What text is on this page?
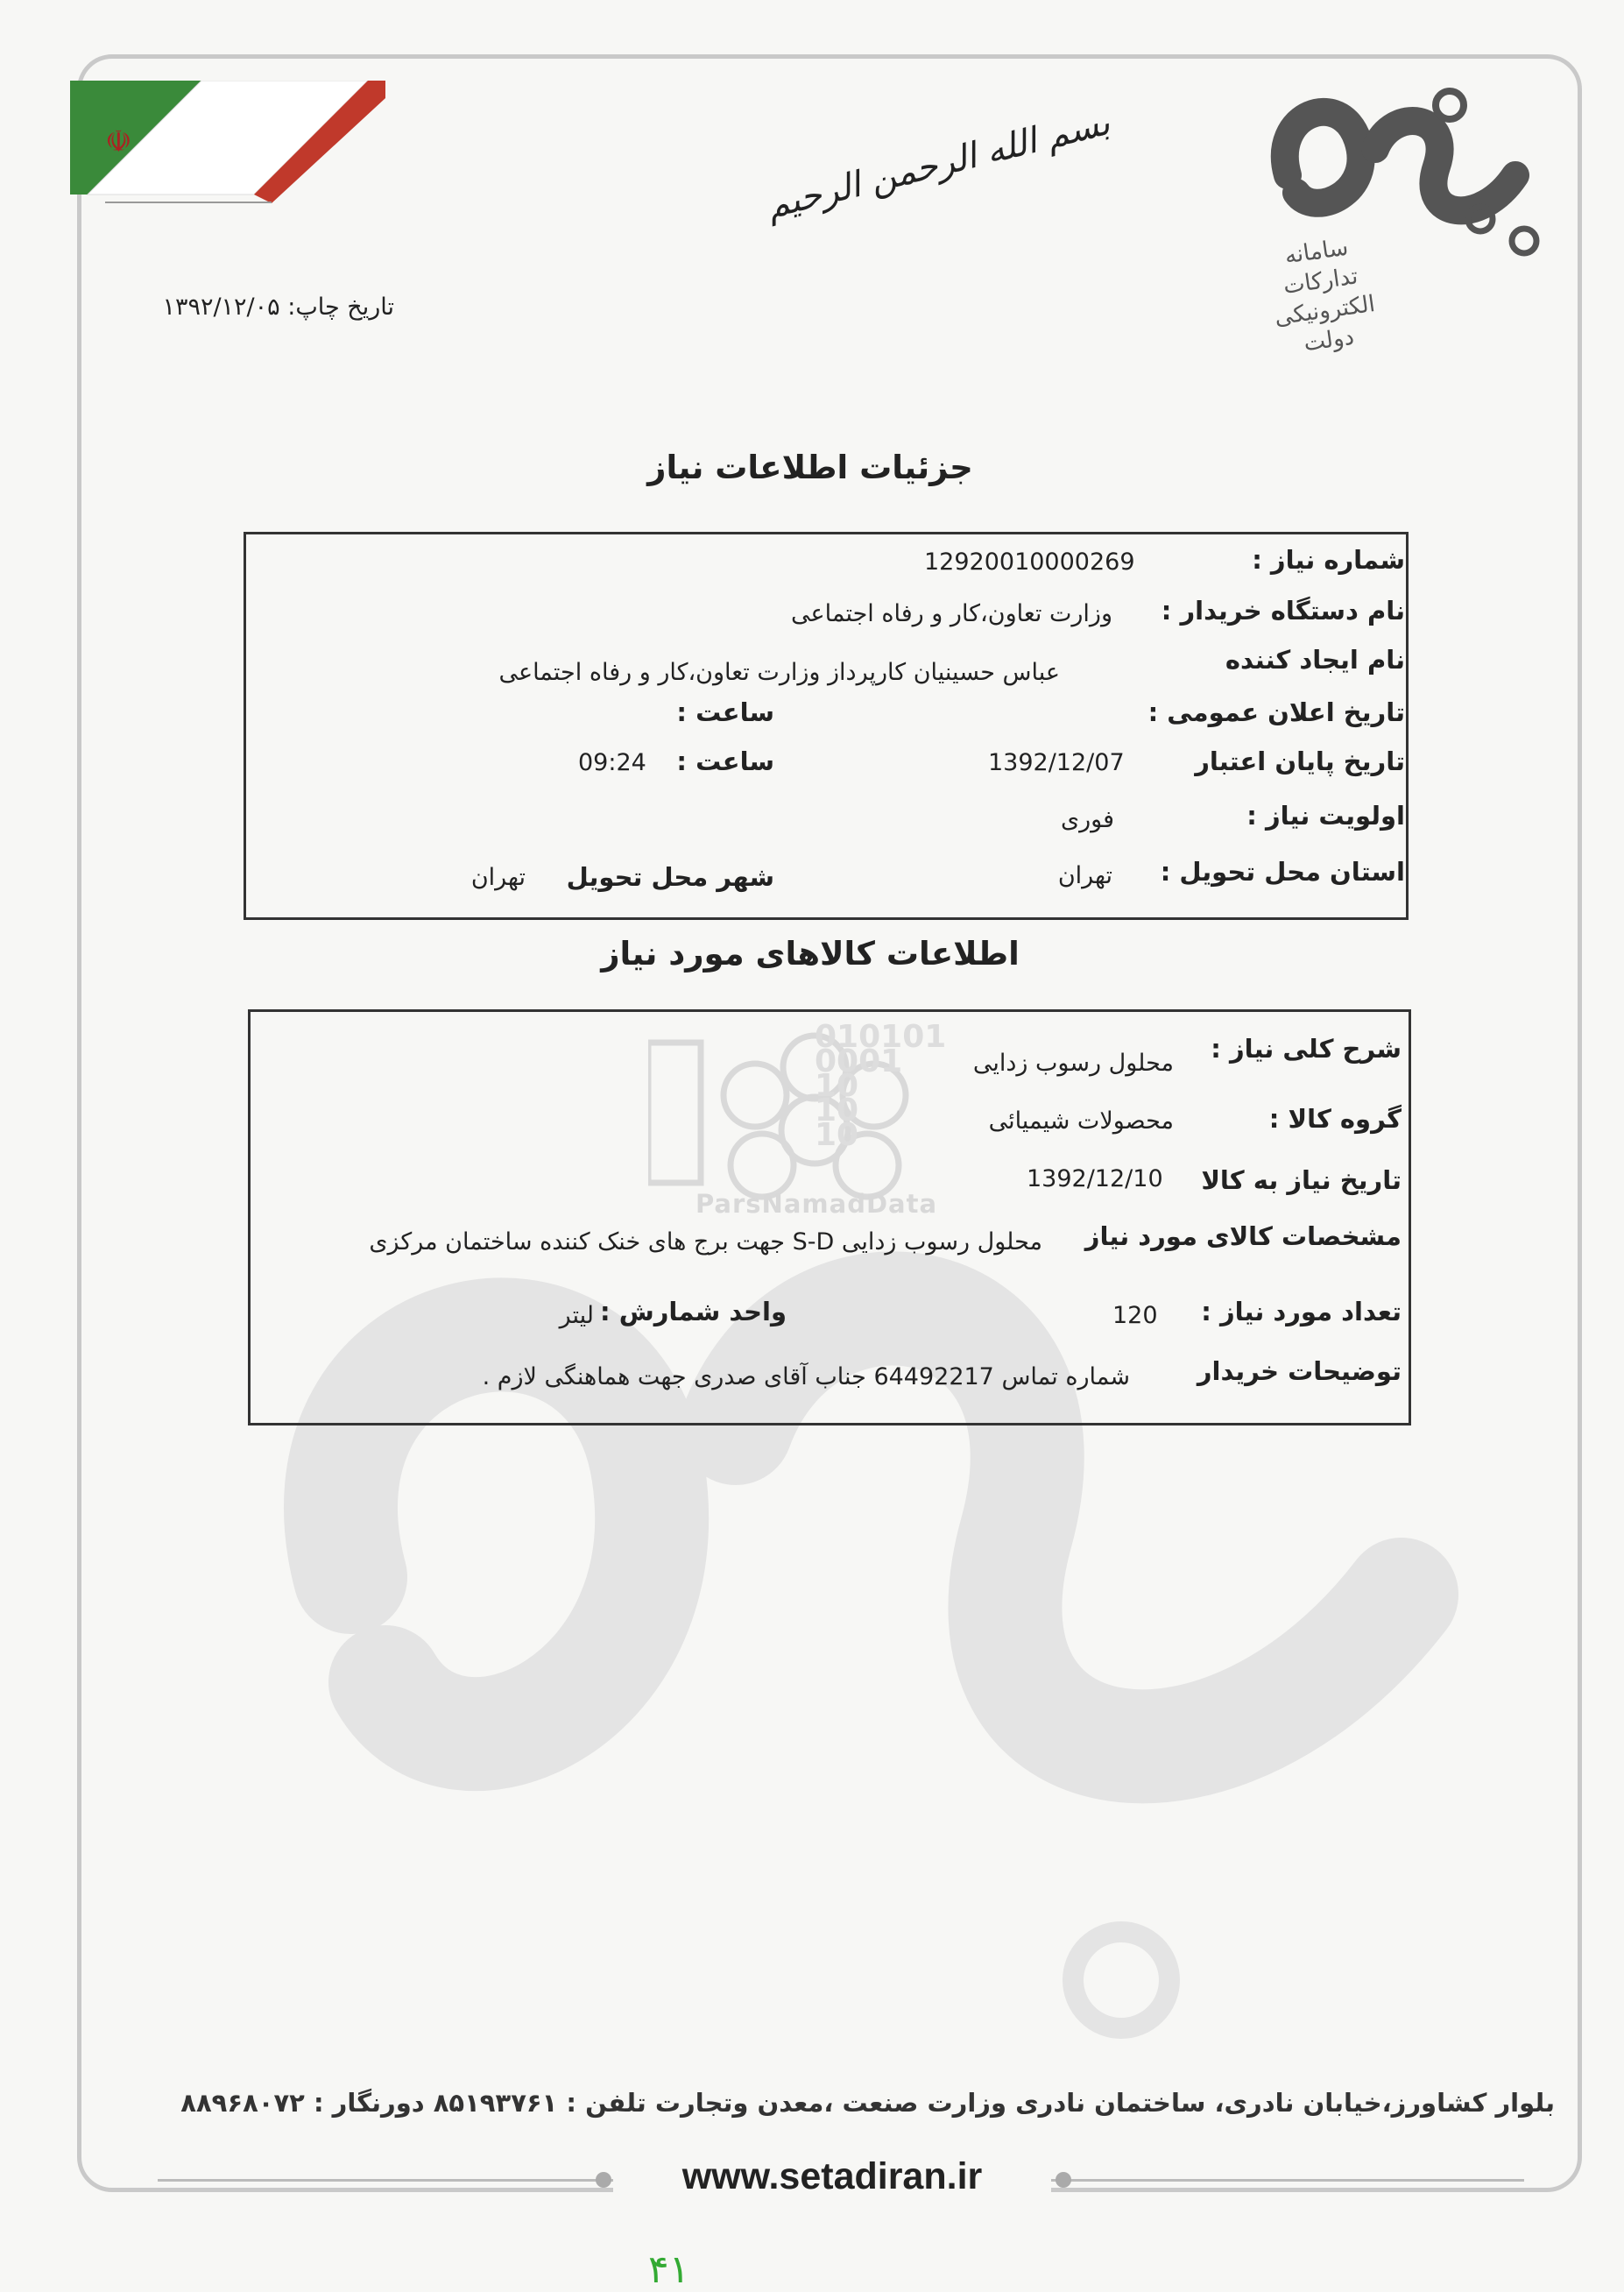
☫	بسم الله الرحمن الرحیم
سامانه تدارکات الکترونیکی دولت
تاریخ چاپ: ۱۳۹۲/۱۲/۰۵
010101
0001
10
10
10
ParsNamadData
جزئیات اطلاعات نیاز
شماره نیاز :
12920010000269
نام دستگاه خریدار :
وزارت تعاون،کار و رفاه اجتماعی
نام ایجاد کننده
عباس حسینیان کارپرداز وزارت تعاون،کار و رفاه اجتماعی
تاریخ اعلان عمومی :
ساعت :
تاریخ پایان اعتبار
1392/12/07
ساعت :
09:24
اولویت نیاز :
فوری
استان محل تحویل :
تهران
شهر محل تحویل
تهران
اطلاعات کالاهای مورد نیاز
شرح کلی نیاز :
محلول رسوب زدایی
گروه کالا :
محصولات شیمیائی
تاریخ نیاز به کالا
1392/12/10
مشخصات کالای مورد نیاز
محلول رسوب زدایی S-D جهت برج های خنک کننده ساختمان مرکزی
تعداد مورد نیاز :
120
واحد شمارش :
لیتر
توضیحات خریدار
شماره تماس 64492217 جناب آقای صدری جهت هماهنگی لازم .
بلوار کشاورز،خیابان نادری، ساختمان نادری وزارت صنعت ،معدن وتجارت تلفن : ۸۵۱۹۳۷۶۱ دورنگار : ۸۸۹۶۸۰۷۲
www.setadiran.ir
۴۱
